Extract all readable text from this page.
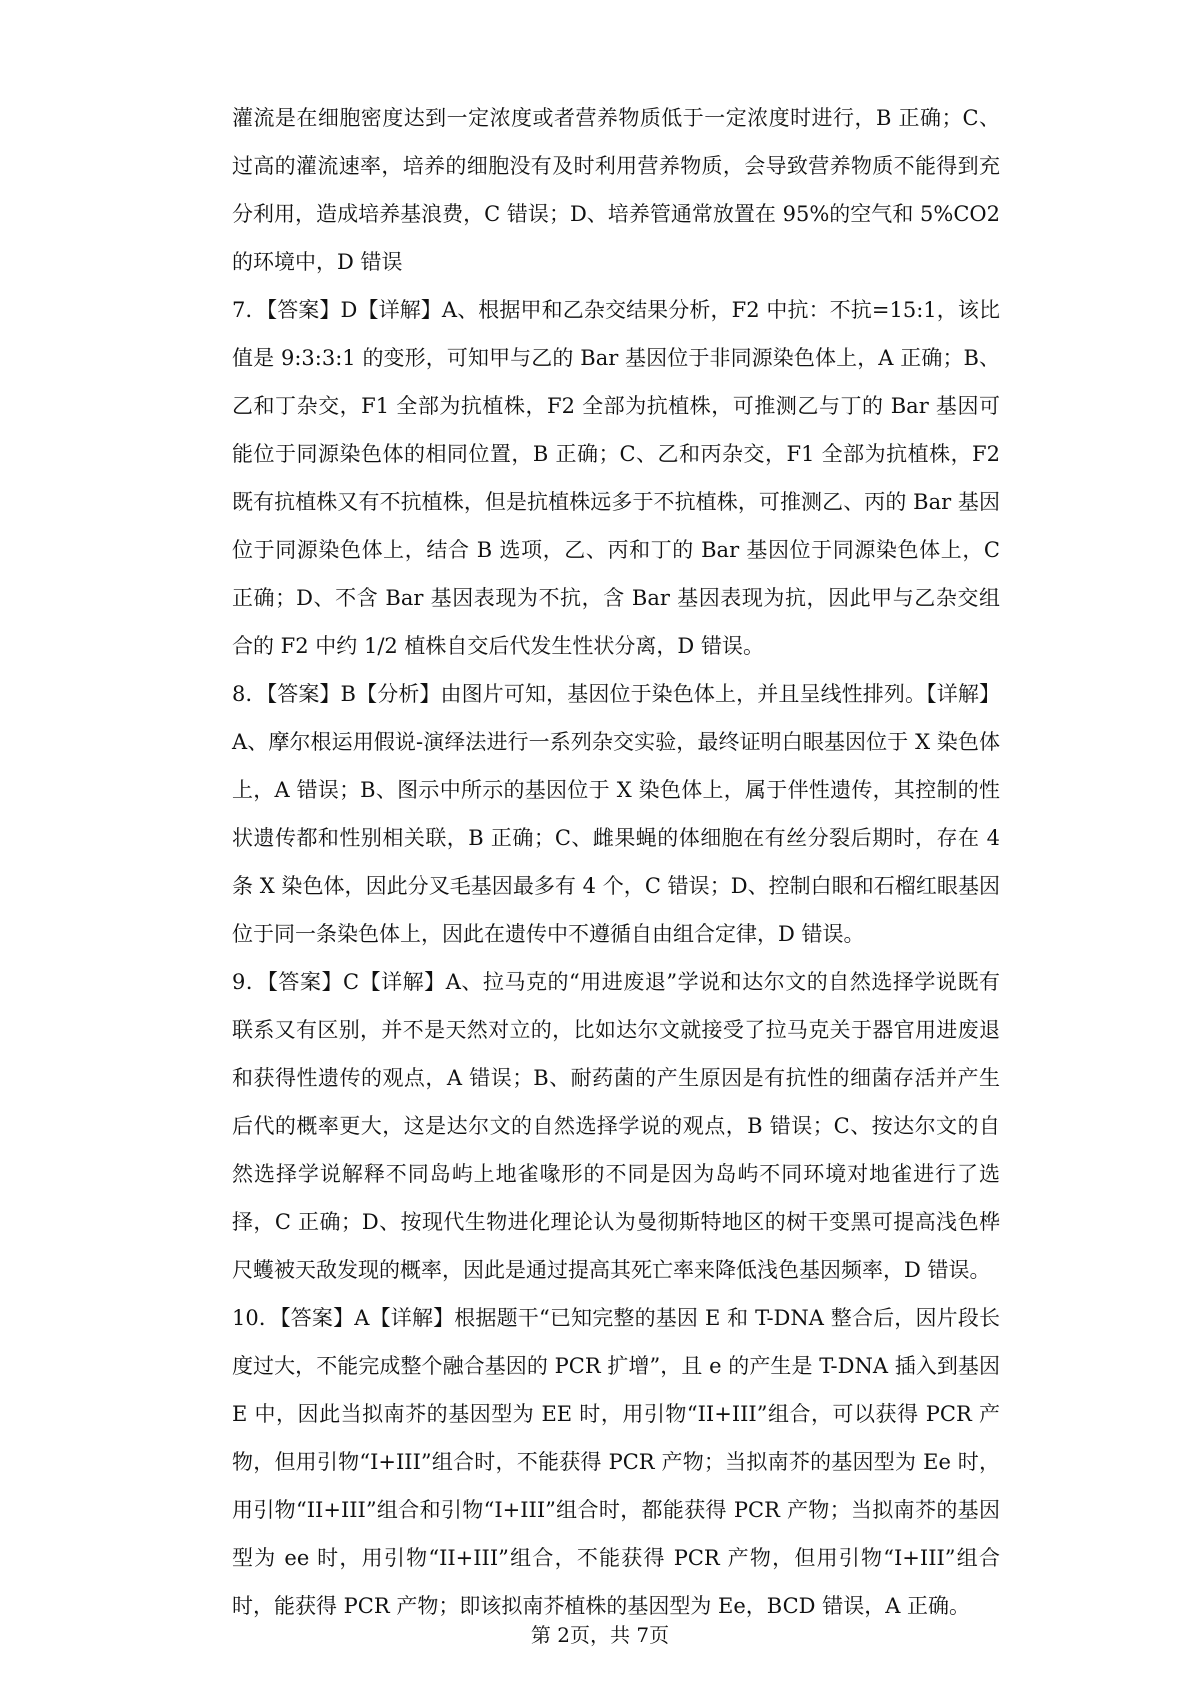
灌流是在细胞密度达到一定浓度或者营养物质低于一定浓度时进行，B 正确；C、过高的灌流速率，培养的细胞没有及时利用营养物质，会导致营养物质不能得到充分利用，造成培养基浪费，C 错误；D、培养管通常放置在 95%的空气和 5%CO2 的环境中，D 错误

7．【答案】D【详解】A、根据甲和乙杂交结果分析，F2 中抗：不抗=15:1，该比值是 9:3:3:1 的变形，可知甲与乙的 Bar 基因位于非同源染色体上，A 正确；B、乙和丁杂交，F1 全部为抗植株，F2 全部为抗植株，可推测乙与丁的 Bar 基因可能位于同源染色体的相同位置，B 正确；C、乙和丙杂交，F1 全部为抗植株，F2 既有抗植株又有不抗植株，但是抗植株远多于不抗植株，可推测乙、丙的 Bar 基因位于同源染色体上，结合 B 选项，乙、丙和丁的 Bar 基因位于同源染色体上，C 正确；D、不含 Bar 基因表现为不抗，含 Bar 基因表现为抗，因此甲与乙杂交组合的 F2 中约 1/2 植株自交后代发生性状分离，D 错误。

8．【答案】B【分析】由图片可知，基因位于染色体上，并且呈线性排列。【详解】A、摩尔根运用假说-演绎法进行一系列杂交实验，最终证明白眼基因位于 X 染色体上，A 错误；B、图示中所示的基因位于 X 染色体上，属于伴性遗传，其控制的性状遗传都和性别相关联，B 正确；C、雌果蝇的体细胞在有丝分裂后期时，存在 4 条 X 染色体，因此分叉毛基因最多有 4 个，C 错误；D、控制白眼和石榴红眼基因位于同一条染色体上，因此在遗传中不遵循自由组合定律，D 错误。

9．【答案】C【详解】A、拉马克的“用进废退”学说和达尔文的自然选择学说既有联系又有区别，并不是天然对立的，比如达尔文就接受了拉马克关于器官用进废退和获得性遗传的观点，A 错误；B、耐药菌的产生原因是有抗性的细菌存活并产生后代的概率更大，这是达尔文的自然选择学说的观点，B 错误；C、按达尔文的自然选择学说解释不同岛屿上地雀喙形的不同是因为岛屿不同环境对地雀进行了选择，C 正确；D、按现代生物进化理论认为曼彻斯特地区的树干变黑可提高浅色桦尺蠖被天敌发现的概率，因此是通过提高其死亡率来降低浅色基因频率，D 错误。

10．【答案】A【详解】根据题干“已知完整的基因 E 和 T-DNA 整合后，因片段长度过大，不能完成整个融合基因的 PCR 扩增”，且 e 的产生是 T-DNA 插入到基因 E 中，因此当拟南芥的基因型为 EE 时，用引物“II+III”组合，可以获得 PCR 产物，但用引物“I+III”组合时，不能获得 PCR 产物；当拟南芥的基因型为 Ee 时，用引物“II+III”组合和引物“I+III”组合时，都能获得 PCR 产物；当拟南芥的基因型为 ee 时，用引物“II+III”组合，不能获得 PCR 产物，但用引物“I+III”组合时，能获得 PCR 产物；即该拟南芥植株的基因型为 Ee，BCD 错误，A 正确。

第 2页，共 7页
